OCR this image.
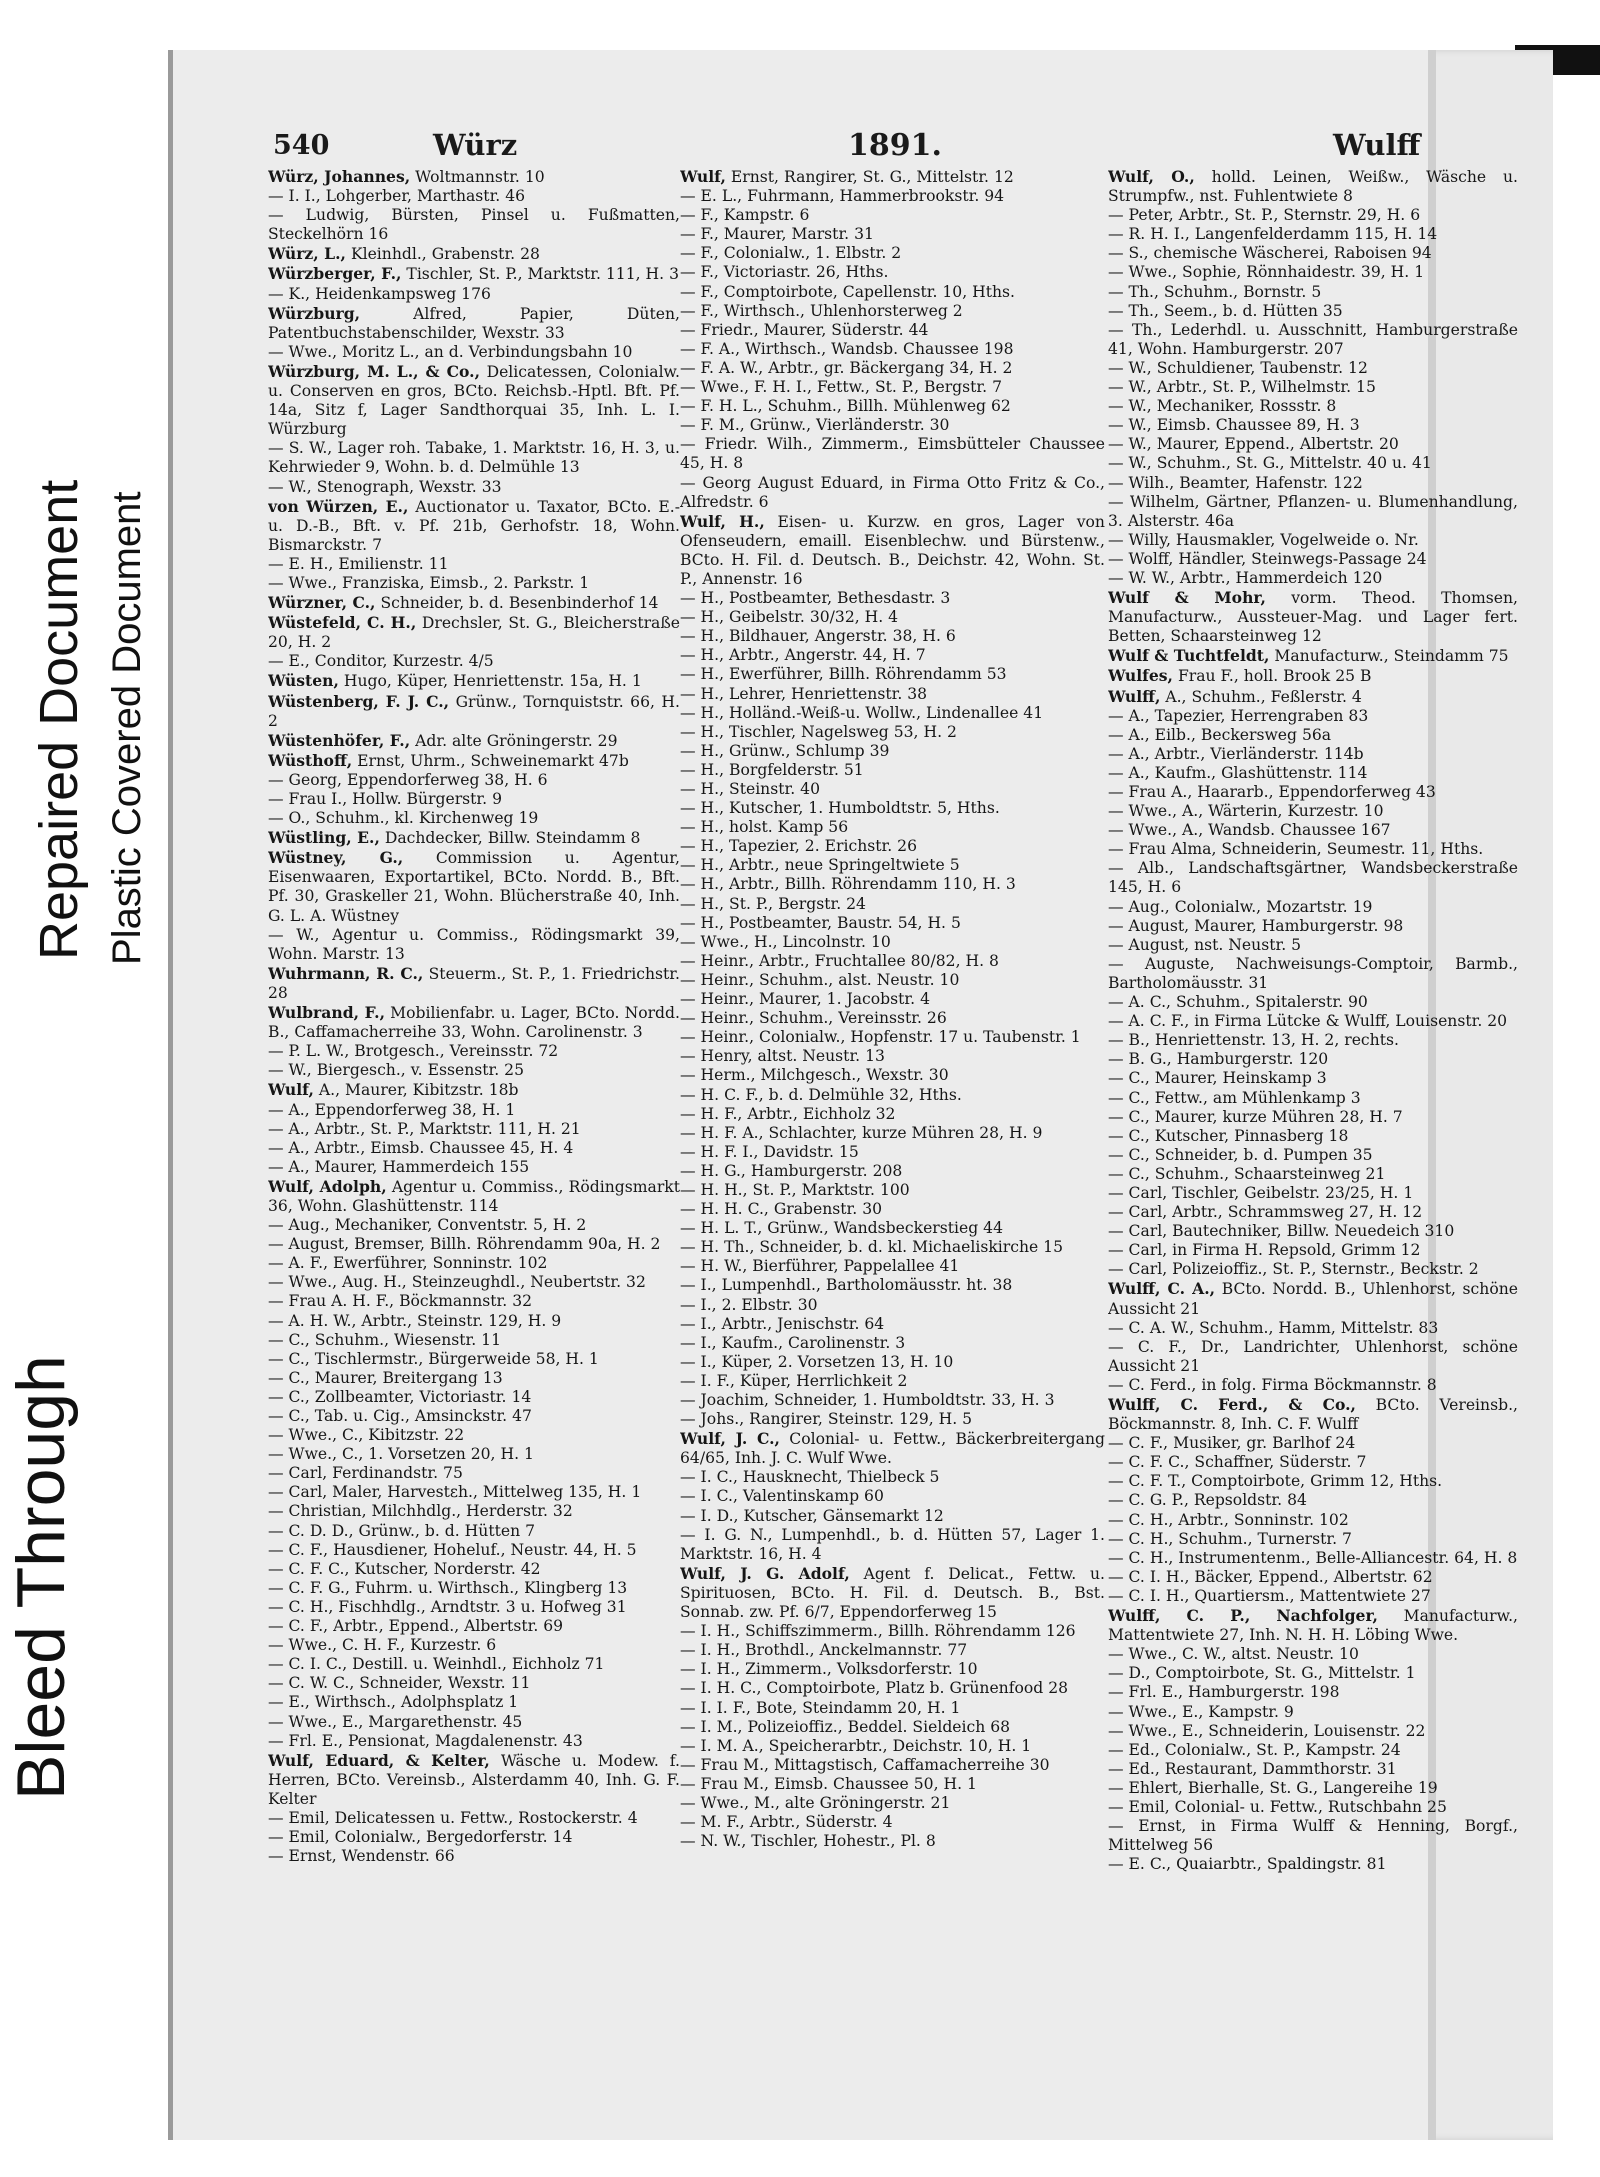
Bleed Through
Repaired Document Plastic Covered Document
540	Würz	1891.	Wulff

Würz, Johannes, Woltmannstr. 10

— I. I., Lohgerber, Marthastr. 46

— Ludwig, Bürsten, Pinsel u. Fußmatten, Steckelhörn 16

Würz, L., Kleinhdl., Grabenstr. 28

Würzberger, F., Tischler, St. P., Marktstr. 111, H. 3

— K., Heidenkampsweg 176

Würzburg,	Alfred, Papier, Düten, Patentbuchstabenschilder, Wexstr. 33

— Wwe., Moritz L., an d. Verbindungsbahn 10

Würzburg, M. L., & Co., Delicatessen, Colonialw. u. Conserven en gros, BCto. Reichsb.-Hptl. Bft. Pf. 14a, Sitz f, Lager Sandthorquai 35, Inh. L. I. Würzburg

— S. W., Lager roh. Tabake, 1. Marktstr. 16, H. 3, u. Kehrwieder 9, Wohn. b. d. Delmühle 13

— W., Stenograph, Wexstr. 33

von Würzen, E., Auctionator u. Taxator, BCto. E.-u. D.-B., Bft. v. Pf. 21b, Gerhofstr. 18, Wohn. Bismarckstr. 7

— E. H., Emilienstr. 11

— Wwe., Franziska, Eimsb., 2. Parkstr. 1

Würzner, C., Schneider, b. d. Besenbinderhof 14

Wüstefeld, C. H., Drechsler, St. G., Bleicherstraße 20, H. 2

— E., Conditor, Kurzestr. 4/5

Wüsten, Hugo, Küper, Henriettenstr. 15a, H. 1

Wüstenberg, F. J. C., Grünw., Tornquiststr. 66, H. 2

Wüstenhöfer, F., Adr. alte Gröningerstr. 29

Wüsthoff, Ernst, Uhrm., Schweinemarkt 47b

— Georg, Eppendorferweg 38, H. 6

— Frau I., Hollw. Bürgerstr. 9

— O., Schuhm., kl. Kirchenweg 19

Wüstling, E., Dachdecker, Billw. Steindamm 8

Wüstney, G., Commission u. Agentur, Eisenwaaren, Exportartikel, BCto. Nordd. B., Bft. Pf. 30, Graskeller 21, Wohn. Blücherstraße 40, Inh. G. L. A. Wüstney

— W., Agentur u. Commiss., Rödingsmarkt 39, Wohn. Marstr. 13

Wuhrmann, R. C., Steuerm., St. P., 1. Friedrichstr. 28

Wulbrand, F., Mobilienfabr. u. Lager, BCto. Nordd. B., Caffamacherreihe 33, Wohn. Carolinenstr. 3

— P. L. W., Brotgesch., Vereinsstr. 72

— W., Biergesch., v. Essenstr. 25

Wulf, A., Maurer, Kibitzstr. 18b

— A., Eppendorferweg 38, H. 1

— A., Arbtr., St. P., Marktstr. 111, H. 21

— A., Arbtr., Eimsb. Chaussee 45, H. 4

— A., Maurer, Hammerdeich 155

Wulf, Adolph, Agentur u. Commiss., Rödingsmarkt 36, Wohn. Glashüttenstr. 114

— Aug., Mechaniker, Conventstr. 5, H. 2

— August, Bremser, Billh. Röhrendamm 90a, H. 2

— A. F., Ewerführer, Sonninstr. 102

— Wwe., Aug. H., Steinzeughdl., Neubertstr. 32

— Frau A. H. F., Böckmannstr. 32

— A. H. W., Arbtr., Steinstr. 129, H. 9

— C., Schuhm., Wiesenstr. 11

— C., Tischlermstr., Bürgerweide 58, H. 1

— C., Maurer, Breitergang 13

— C., Zollbeamter, Victoriastr. 14

— C., Tab. u. Cig., Amsinckstr. 47

— Wwe., C., Kibitzstr. 22

— Wwe., C., 1. Vorsetzen 20, H. 1

— Carl, Ferdinandstr. 75

— Carl, Maler, Harvestεh., Mittelweg 135, H. 1

— Christian, Milchhdlg., Herderstr. 32

— C. D. D., Grünw., b. d. Hütten 7

— C. F., Hausdiener, Hoheluf., Neustr. 44, H. 5

— C. F. C., Kutscher, Norderstr. 42

— C. F. G., Fuhrm. u. Wirthsch., Klingberg 13

— C. H., Fischhdlg., Arndtstr. 3 u. Hofweg 31

— C. F., Arbtr., Eppend., Albertstr. 69

— Wwe., C. H. F., Kurzestr. 6

— C. I. C., Destill. u. Weinhdl., Eichholz 71

— C. W. C., Schneider, Wexstr. 11

— E., Wirthsch., Adolphsplatz 1

— Wwe., E., Margarethenstr. 45

— Frl. E., Pensionat, Magdalenenstr. 43

Wulf, Eduard, & Kelter, Wäsche u. Modew. f. Herren, BCto. Vereinsb., Alsterdamm 40, Inh. G. F. Kelter

— Emil, Delicatessen u. Fettw., Rostockerstr. 4

— Emil, Colonialw., Bergedorferstr. 14

— Ernst, Wendenstr. 66

Wulf, Ernst, Rangirer, St. G., Mittelstr. 12

— E. L., Fuhrmann, Hammerbrookstr. 94

— F., Kampstr. 6

— F., Maurer, Marstr. 31

— F., Colonialw., 1. Elbstr. 2

— F., Victoriastr. 26, Hths.

— F., Comptoirbote, Capellenstr. 10, Hths.

— F., Wirthsch., Uhlenhorsterweg 2

— Friedr., Maurer, Süderstr. 44

— F. A., Wirthsch., Wandsb. Chaussee 198

— F. A. W., Arbtr., gr. Bäckergang 34, H. 2

— Wwe., F. H. I., Fettw., St. P., Bergstr. 7

— F. H. L., Schuhm., Billh. Mühlenweg 62

— F. M., Grünw., Vierländerstr. 30

— Friedr. Wilh., Zimmerm., Eimsbütteler Chaussee 45, H. 8

— Georg August Eduard, in Firma Otto Fritz & Co., Alfredstr. 6

Wulf, H., Eisen- u. Kurzw. en gros, Lager von Ofenseudern, emaill. Eisenblechw. und Bürstenw., BCto. H. Fil. d. Deutsch. B., Deichstr. 42, Wohn. St. P., Annenstr. 16

— H., Postbeamter, Bethesdastr. 3

— H., Geibelstr. 30/32, H. 4

— H., Bildhauer, Angerstr. 38, H. 6

— H., Arbtr., Angerstr. 44, H. 7

— H., Ewerführer, Billh. Röhrendamm 53

— H., Lehrer, Henriettenstr. 38

— H., Holländ.-Weiß-u. Wollw., Lindenallee 41

— H., Tischler, Nagelsweg 53, H. 2

— H., Grünw., Schlump 39

— H., Borgfelderstr. 51

— H., Steinstr. 40

— H., Kutscher, 1. Humboldtstr. 5, Hths.

— H., holst. Kamp 56

— H., Tapezier, 2. Erichstr. 26

— H., Arbtr., neue Springeltwiete 5

— H., Arbtr., Billh. Röhrendamm 110, H. 3

— H., St. P., Bergstr. 24

— H., Postbeamter, Baustr. 54, H. 5

— Wwe., H., Lincolnstr. 10

— Heinr., Arbtr., Fruchtallee 80/82, H. 8

— Heinr., Schuhm., alst. Neustr. 10

— Heinr., Maurer, 1. Jacobstr. 4

— Heinr., Schuhm., Vereinsstr. 26

— Heinr., Colonialw., Hopfenstr. 17 u. Taubenstr. 1

— Henry, altst. Neustr. 13

— Herm., Milchgesch., Wexstr. 30

— H. C. F., b. d. Delmühle 32, Hths.

— H. F., Arbtr., Eichholz 32

— H. F. A., Schlachter, kurze Mühren 28, H. 9

— H. F. I., Davidstr. 15

— H. G., Hamburgerstr. 208

— H. H., St. P., Marktstr. 100

— H. H. C., Grabenstr. 30

— H. L. T., Grünw., Wandsbeckerstieg 44

— H. Th., Schneider, b. d. kl. Michaeliskirche 15

— H. W., Bierführer, Pappelallee 41

— I., Lumpenhdl., Bartholomäusstr. ht. 38

— I., 2. Elbstr. 30

— I., Arbtr., Jenischstr. 64

— I., Kaufm., Carolinenstr. 3

— I., Küper, 2. Vorsetzen 13, H. 10

— I. F., Küper, Herrlichkeit 2

— Joachim, Schneider, 1. Humboldtstr. 33, H. 3

— Johs., Rangirer, Steinstr. 129, H. 5

Wulf, J. C., Colonial- u. Fettw., Bäckerbreitergang 64/65, Inh. J. C. Wulf Wwe.

— I. C., Hausknecht, Thielbeck 5

— I. C., Valentinskamp 60

— I. D., Kutscher, Gänsemarkt 12

— I. G. N., Lumpenhdl., b. d. Hütten 57, Lager 1. Marktstr. 16, H. 4

Wulf, J. G. Adolf, Agent f. Delicat., Fettw. u. Spirituosen, BCto. H. Fil. d. Deutsch. B., Bst. Sonnab. zw. Pf. 6/7, Eppendorferweg 15

— I. H., Schiffszimmerm., Billh. Röhrendamm 126

— I. H., Brothdl., Anckelmannstr. 77

— I. H., Zimmerm., Volksdorferstr. 10

— I. H. C., Comptoirbote, Platz b. Grünenfood 28

— I. I. F., Bote, Steindamm 20, H. 1

— I. M., Polizeioffiz., Beddel. Sieldeich 68

— I. M. A., Speicherarbtr., Deichstr. 10, H. 1

— Frau M., Mittagstisch, Caffamacherreihe 30

— Frau M., Eimsb. Chaussee 50, H. 1

— Wwe., M., alte Gröningerstr. 21

— M. F., Arbtr., Süderstr. 4

— N. W., Tischler, Hohestr., Pl. 8

Wulf, O., holld. Leinen, Weißw., Wäsche u. Strumpfw., nst. Fuhlentwiete 8

— Peter, Arbtr., St. P., Sternstr. 29, H. 6

— R. H. I., Langenfelderdamm 115, H. 14

— S., chemische Wäscherei, Raboisen 94

— Wwe., Sophie, Rönnhaidestr. 39, H. 1

— Th., Schuhm., Bornstr. 5

— Th., Seem., b. d. Hütten 35

— Th., Lederhdl. u. Ausschnitt, Hamburgerstraße 41, Wohn. Hamburgerstr. 207

— W., Schuldiener, Taubenstr. 12

— W., Arbtr., St. P., Wilhelmstr. 15

— W., Mechaniker, Rossstr. 8

— W., Eimsb. Chaussee 89, H. 3

— W., Maurer, Eppend., Albertstr. 20

— W., Schuhm., St. G., Mittelstr. 40 u. 41

— Wilh., Beamter, Hafenstr. 122

— Wilhelm, Gärtner, Pflanzen- u. Blumenhandlung, 3. Alsterstr. 46a

— Willy, Hausmakler, Vogelweide o. Nr.

— Wolff, Händler, Steinwegs-Passage 24

— W. W., Arbtr., Hammerdeich 120

Wulf & Mohr, vorm. Theod. Thomsen, Manufacturw., Aussteuer-Mag. und Lager fert. Betten, Schaarsteinweg 12

Wulf & Tuchtfeldt, Manufacturw., Steindamm 75

Wulfes, Frau F., holl. Brook 25 B

Wulff, A., Schuhm., Feßlerstr. 4

— A., Tapezier, Herrengraben 83

— A., Eilb., Beckersweg 56a

— A., Arbtr., Vierländerstr. 114b

— A., Kaufm., Glashüttenstr. 114

— Frau A., Haararb., Eppendorferweg 43

— Wwe., A., Wärterin, Kurzestr. 10

— Wwe., A., Wandsb. Chaussee 167

— Frau Alma, Schneiderin, Seumestr. 11, Hths.

— Alb., Landschaftsgärtner, Wandsbeckerstraße 145, H. 6

— Aug., Colonialw., Mozartstr. 19

— August, Maurer, Hamburgerstr. 98

— August, nst. Neustr. 5

— Auguste, Nachweisungs-Comptoir, Barmb., Bartholomäusstr. 31

— A. C., Schuhm., Spitalerstr. 90

— A. C. F., in Firma Lütcke & Wulff, Louisenstr. 20

— B., Henriettenstr. 13, H. 2, rechts.

— B. G., Hamburgerstr. 120

— C., Maurer, Heinskamp 3

— C., Fettw., am Mühlenkamp 3

— C., Maurer, kurze Mühren 28, H. 7

— C., Kutscher, Pinnasberg 18

— C., Schneider, b. d. Pumpen 35

— C., Schuhm., Schaarsteinweg 21

— Carl, Tischler, Geibelstr. 23/25, H. 1

— Carl, Arbtr., Schrammsweg 27, H. 12

— Carl, Bautechniker, Billw. Neuedeich 310

— Carl, in Firma H. Repsold, Grimm 12

— Carl, Polizeioffiz., St. P., Sternstr., Beckstr. 2

Wulff, C. A., BCto. Nordd. B., Uhlenhorst, schöne Aussicht 21

— C. A. W., Schuhm., Hamm, Mittelstr. 83

— C. F., Dr., Landrichter, Uhlenhorst, schöne Aussicht 21

— C. Ferd., in folg. Firma Böckmannstr. 8

Wulff, C. Ferd., & Co., BCto. Vereinsb., Böckmannstr. 8, Inh. C. F. Wulff

— C. F., Musiker, gr. Barlhof 24

— C. F. C., Schaffner, Süderstr. 7

— C. F. T., Comptoirbote, Grimm 12, Hths.

— C. G. P., Repsoldstr. 84

— C. H., Arbtr., Sonninstr. 102

— C. H., Schuhm., Turnerstr. 7

— C. H., Instrumentenm., Belle-Alliancestr. 64, H. 8

— C. I. H., Bäcker, Eppend., Albertstr. 62

— C. I. H., Quartiersm., Mattentwiete 27

Wulff, C. P., Nachfolger, Manufacturw., Mattentwiete 27, Inh. N. H. H. Löbing Wwe.

— Wwe., C. W., altst. Neustr. 10

— D., Comptoirbote, St. G., Mittelstr. 1

— Frl. E., Hamburgerstr. 198

— Wwe., E., Kampstr. 9

— Wwe., E., Schneiderin, Louisenstr. 22

— Ed., Colonialw., St. P., Kampstr. 24

— Ed., Restaurant, Dammthorstr. 31

— Ehlert, Bierhalle, St. G., Langereihe 19

— Emil, Colonial- u. Fettw., Rutschbahn 25

— Ernst, in Firma Wulff & Henning, Borgf., Mittelweg 56

— E. C., Quaiarbtr., Spaldingstr. 81
